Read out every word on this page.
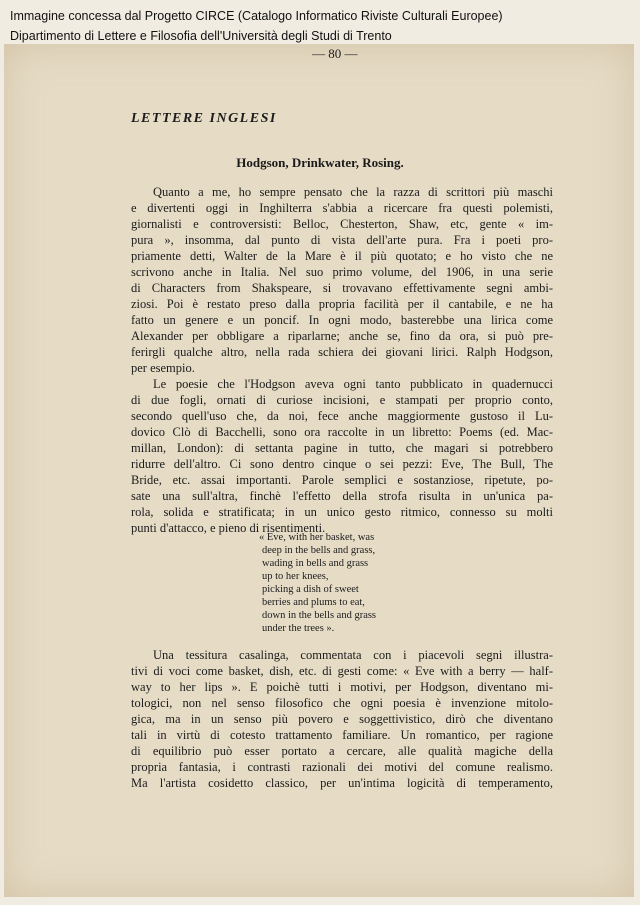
Immagine concessa dal Progetto CIRCE (Catalogo Informatico Riviste Culturali Europee)
Dipartimento di Lettere e Filosofia dell'Università degli Studi di Trento
— 80 —
LETTERE INGLESI
Hodgson, Drinkwater, Rosing.
Quanto a me, ho sempre pensato che la razza di scrittori più maschi
e divertenti oggi in Inghilterra s'abbia a ricercare fra questi polemisti,
giornalisti e controversisti: Belloc, Chesterton, Shaw, etc, gente « im-
pura », insomma, dal punto di vista dell'arte pura. Fra i poeti pro-
priamente detti, Walter de la Mare è il più quotato; e ho visto che ne
scrivono anche in Italia. Nel suo primo volume, del 1906, in una serie
di Characters from Shakspeare, si trovavano effettivamente segni ambi-
ziosi. Poi è restato preso dalla propria facilità per il cantabile, e ne ha
fatto un genere e un poncif. In ogni modo, basterebbe una lirica come
Alexander per obbligare a riparlarne; anche se, fino da ora, si può pre-
ferirgli qualche altro, nella rada schiera dei giovani lirici. Ralph Hodgson,
per esempio.
Le poesie che l'Hodgson aveva ogni tanto pubblicato in quadernucci
di due fogli, ornati di curiose incisioni, e stampati per proprio conto,
secondo quell'uso che, da noi, fece anche maggiormente gustoso il Lu-
dovico Clò di Bacchelli, sono ora raccolte in un libretto: Poems (ed. Mac-
millan, London): di settanta pagine in tutto, che magari si potrebbero
ridurre dell'altro. Ci sono dentro cinque o sei pezzi: Eve, The Bull, The
Bride, etc. assai importanti. Parole semplici e sostanziose, ripetute, po-
sate una sull'altra, finchè l'effetto della strofa risulta in un'unica pa-
rola, solida e stratificata; in un unico gesto ritmico, connesso su molti
punti d'attacco, e pieno di risentimenti.
« Eve, with her basket, was
deep in the bells and grass,
wading in bells and grass
up to her knees,
picking a dish of sweet
berries and plums to eat,
down in the bells and grass
under the trees ».
Una tessitura casalinga, commentata con i piacevoli segni illustra-
tivi di voci come basket, dish, etc. di gesti come: « Eve with a berry — half-
way to her lips ». E poichè tutti i motivi, per Hodgson, diventano mi-
tologici, non nel senso filosofico che ogni poesia è invenzione mitolo-
gica, ma in un senso più povero e soggettivistico, dirò che diventano
tali in virtù di cotesto trattamento familiare. Un romantico, per ragione
di equilibrio può esser portato a cercare, alle qualità magiche della
propria fantasia, i contrasti razionali dei motivi del comune realismo.
Ma l'artista cosidetto classico, per un'intima logicità di temperamento,
